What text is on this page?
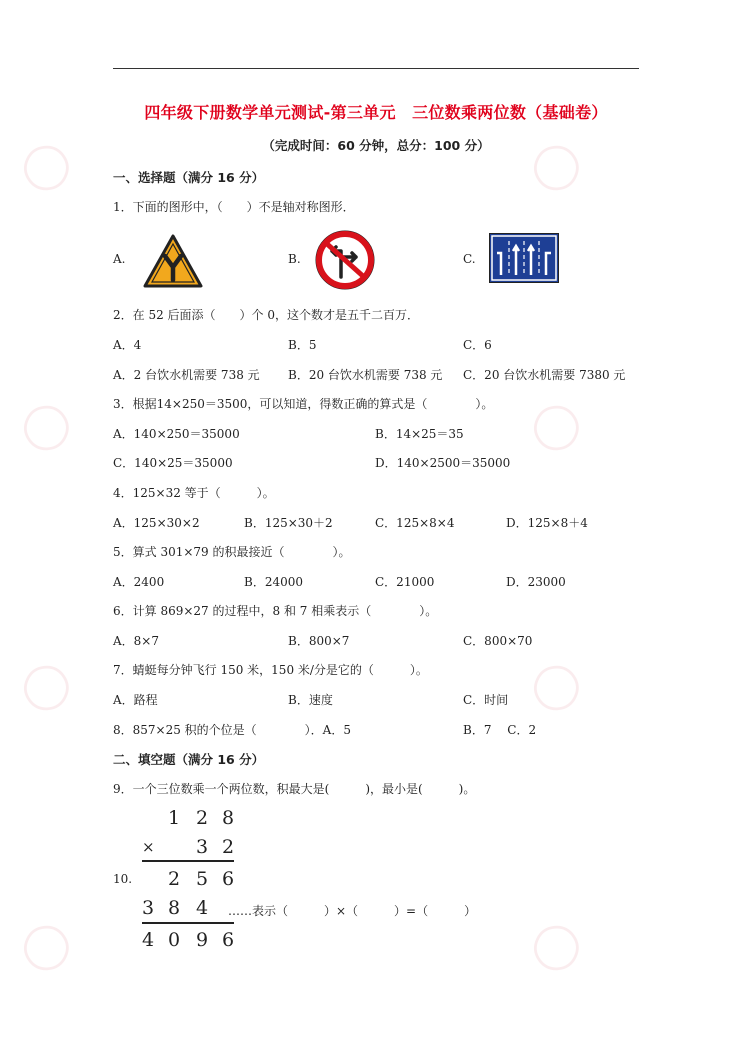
◯	◯
◯	◯
◯	◯
◯	◯
四年级下册数学单元测试-第三单元　三位数乘两位数（基础卷）
（完成时间：60 分钟，总分：100 分）
一、选择题（满分 16 分）
1．下面的图形中，（　　）不是轴对称图形．
A.	B.	C.
2．在 52 后面添（　　）个 0，这个数才是五千二百万．
A．4	B．5	C．6
A．2 台饮水机需要 738 元 B．20 台饮水机需要 738 元 C．20 台饮水机需要 7380 元
3．根据14×250＝3500，可以知道，得数正确的算式是（　　　　）。
A．140×250＝35000	B．14×25＝35
C．140×25＝35000	D．140×2500＝35000
4．125×32 等于（　　　）。
A．125×30×2	B．125×30＋2	C．125×8×4	D．125×8＋4
5．算式 301×79 的积最接近（　　　　）。
A．2400	B．24000	C．21000	D．23000
6．计算 869×27 的过程中，8 和 7 相乘表示（　　　　）。
A．8×7	B．800×7	C．800×70
7．蜻蜓每分钟飞行 150 米，150 米/分是它的（　　　）。
A．路程	B．速度	C．时间
8．857×25 积的个位是（　　　　）．A．5	B．7　 C．2
二、填空题（满分 16 分）
9．一个三位数乘一个两位数，积最大是(　　　)，最小是(　　　)。
1 2 8
× 3 2
10. 2 5 6
3 8 4 ……表示（　　　）×（　　　）=（　　　）
4 0 9 6
